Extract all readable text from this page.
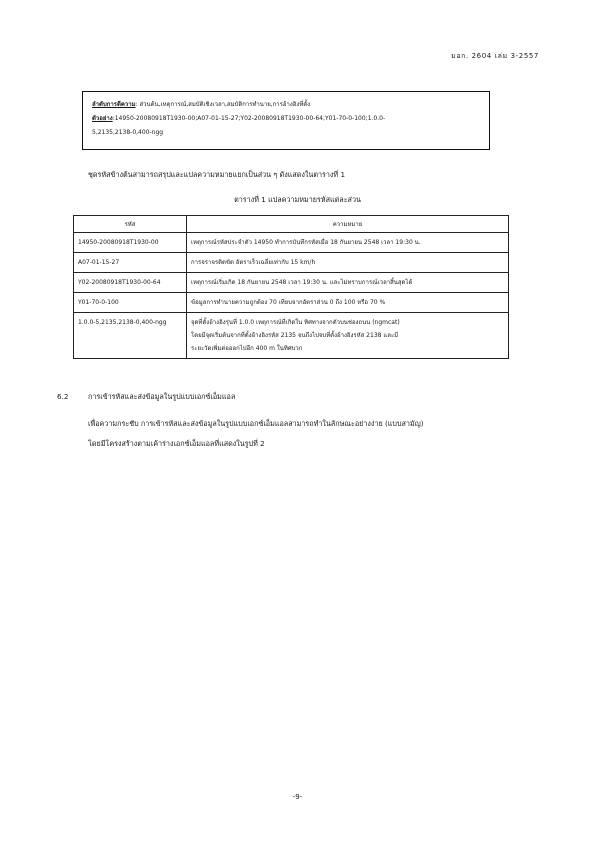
มอก. 2604 เล่ม 3-2557
ลำดับการตีความ: ส่วนต้น,เหตุการณ์,สมบัติเชิงเวลา,สมบัติการทำนาย,การอ้างอิงที่ตั้ง
ตัวอย่าง:14950-20080918T1930-00;A07-01-15-27;Y02-20080918T1930-00-64;Y01-70-0-100;1.0.0-
5,2135,2138-0,400-ngg
ชุดรหัสข้างต้นสามารถสรุปและแปลความหมายแยกเป็นส่วน ๆ ดังแสดงในตารางที่ 1
ตารางที่ 1 แปลความหมายรหัสแต่ละส่วน
รหัส	ความหมาย
14950-20080918T1930-00	เหตุการณ์รหัสประจำตัว 14950 ทำการบันทึกรหัสเมื่อ 18 กันยายน 2548 เวลา 19:30 น.
A07-01-15-27	การจราจรติดขัด อัตราเร็วเฉลี่ยเท่ากับ 15 km/h
Y02-20080918T1930-00-64	เหตุการณ์เริ่มเกิด 18 กันยายน 2548 เวลา 19:30 น. และไม่ทราบการณ์เวลาสิ้นสุดได้
Y01-70-0-100	ข้อมูลการทำนายความถูกต้อง 70 เทียบจากอัตราส่วน 0 ถึง 100 หรือ 70 %
1.0.0-5,2135,2138-0,400-ngg	จุดที่ตั้งอ้างอิงรุ่นที่ 1.0.0 เหตุการณ์ที่เกิดใน ทิศทางจากตัวบนช่องถนน (ngmcat)
โดยมีจุดเริ่มต้นจากที่ตั้งอ้างอิงรหัส 2135 จนถึงไปจบที่ตั้งอ้างอิงรหัส 2138 และมี
ระยะวัดเพิ่มต่อออกไปอีก 400 m ในทิศบวก
6.2	การเข้ารหัสและส่งข้อมูลในรูปแบบเอกซ์เอ็มแอล
เพื่อความกระชับ การเข้ารหัสและส่งข้อมูลในรูปแบบเอกซ์เอ็มแอลสามารถทำในลักษณะอย่างง่าย (แบบสามัญ)
โดยมีโครงสร้างตามเค้าร่างเอกซ์เอ็มแอลที่แสดงในรูปที่ 2
-9-
